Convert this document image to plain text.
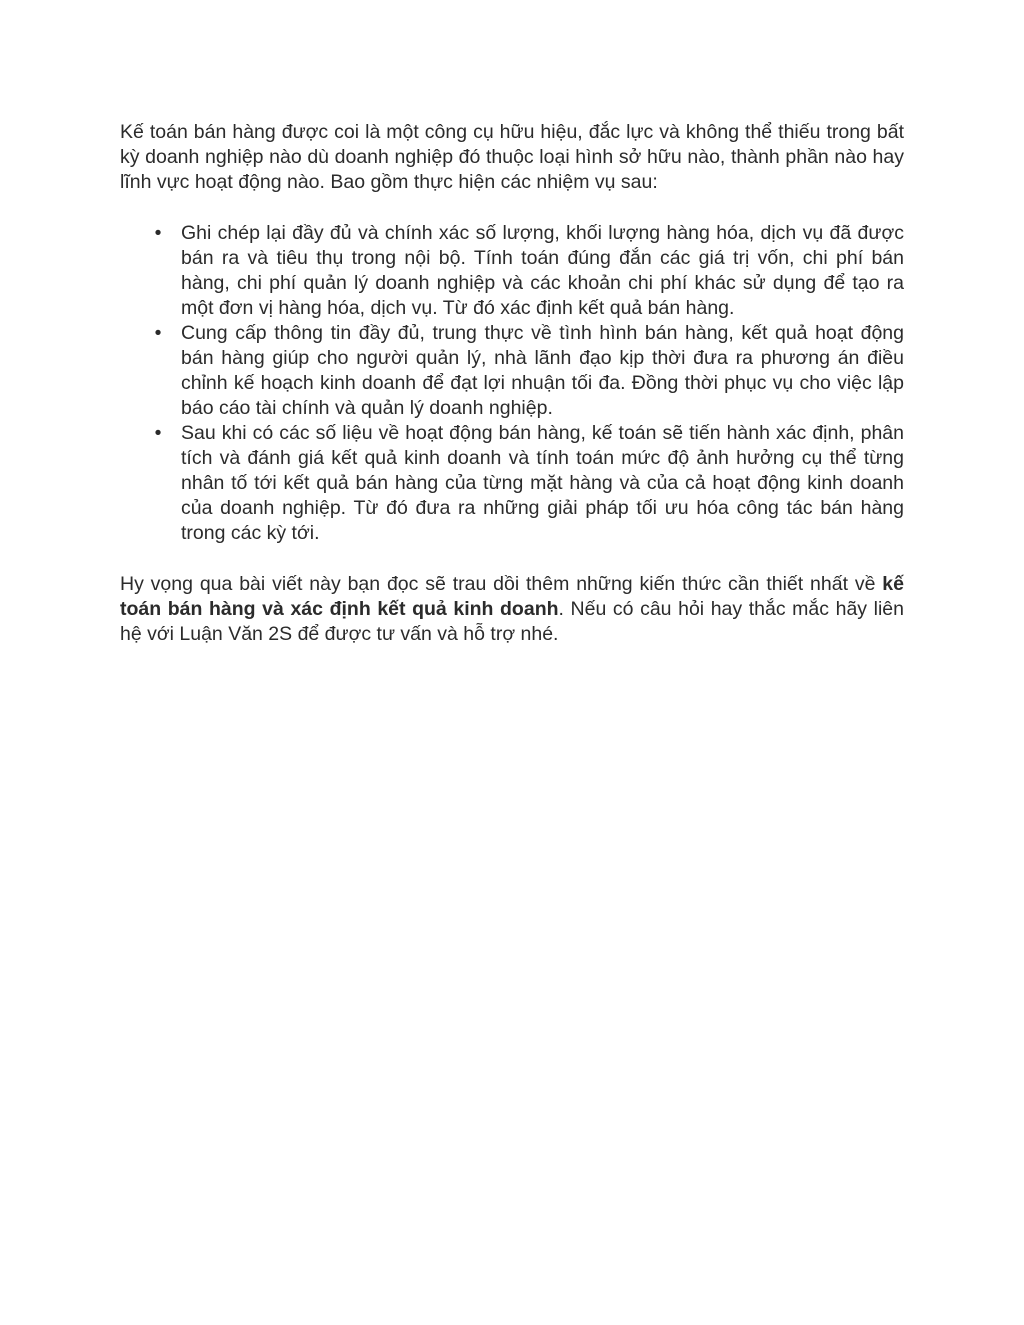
Kế toán bán hàng được coi là một công cụ hữu hiệu, đắc lực và không thể thiếu trong bất kỳ doanh nghiệp nào dù doanh nghiệp đó thuộc loại hình sở hữu nào, thành phần nào hay lĩnh vực hoạt động nào. Bao gồm thực hiện các nhiệm vụ sau:

• Ghi chép lại đầy đủ và chính xác số lượng, khối lượng hàng hóa, dịch vụ đã được bán ra và tiêu thụ trong nội bộ. Tính toán đúng đắn các giá trị vốn, chi phí bán hàng, chi phí quản lý doanh nghiệp và các khoản chi phí khác sử dụng để tạo ra một đơn vị hàng hóa, dịch vụ. Từ đó xác định kết quả bán hàng.
• Cung cấp thông tin đầy đủ, trung thực về tình hình bán hàng, kết quả hoạt động bán hàng giúp cho người quản lý, nhà lãnh đạo kịp thời đưa ra phương án điều chỉnh kế hoạch kinh doanh để đạt lợi nhuận tối đa. Đồng thời phục vụ cho việc lập báo cáo tài chính và quản lý doanh nghiệp.
• Sau khi có các số liệu về hoạt động bán hàng, kế toán sẽ tiến hành xác định, phân tích và đánh giá kết quả kinh doanh và tính toán mức độ ảnh hưởng cụ thể từng nhân tố tới kết quả bán hàng của từng mặt hàng và của cả hoạt động kinh doanh của doanh nghiệp. Từ đó đưa ra những giải pháp tối ưu hóa công tác bán hàng trong các kỳ tới.

Hy vọng qua bài viết này bạn đọc sẽ trau dồi thêm những kiến thức cần thiết nhất về kế toán bán hàng và xác định kết quả kinh doanh. Nếu có câu hỏi hay thắc mắc hãy liên hệ với Luận Văn 2S để được tư vấn và hỗ trợ nhé.
